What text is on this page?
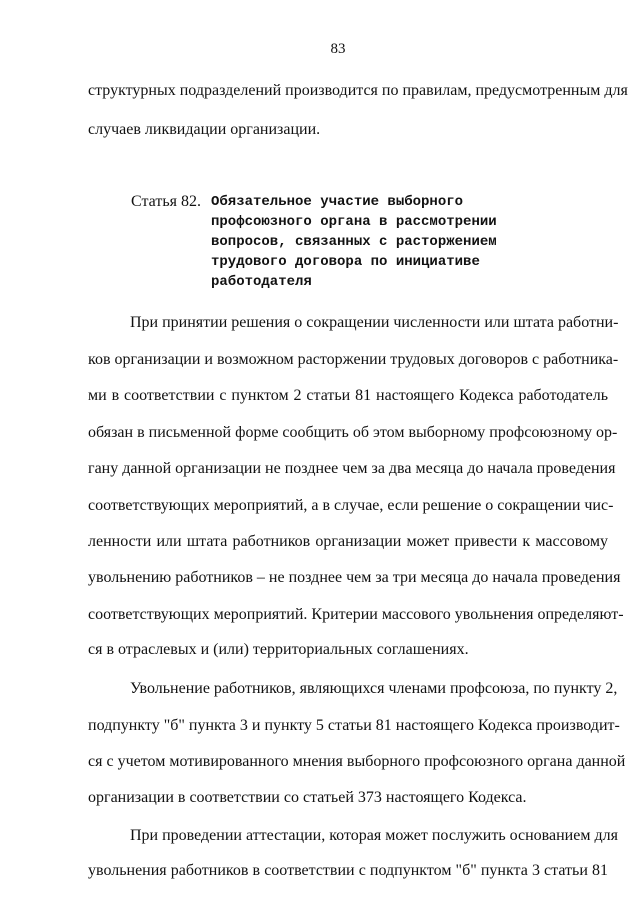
83
структурных подразделений производится по правилам, предусмотренным для
случаев ликвидации организации.
Статья 82. Обязательное участие выборного
профсоюзного органа в рассмотрении
вопросов, связанных с расторжением
трудового договора по инициативе
работодателя
При принятии решения о сокращении численности или штата работни-
ков организации и возможном расторжении трудовых договоров с работника-
ми в соответствии с пунктом 2 статьи 81 настоящего Кодекса работодатель
обязан в письменной форме сообщить об этом выборному профсоюзному ор-
гану данной организации не позднее чем за два месяца до начала проведения
соответствующих мероприятий, а в случае, если решение о сокращении чис-
ленности или штата работников организации может привести к массовому
увольнению работников – не позднее чем за три месяца до начала проведения
соответствующих мероприятий. Критерии массового увольнения определяют-
ся в отраслевых и (или) территориальных соглашениях.
Увольнение работников, являющихся членами профсоюза, по пункту 2,
подпункту "б" пункта 3 и пункту 5 статьи 81 настоящего Кодекса производит-
ся с учетом мотивированного мнения выборного профсоюзного органа данной
организации в соответствии со статьей 373 настоящего Кодекса.
При проведении аттестации, которая может послужить основанием для
увольнения работников в соответствии с подпунктом "б" пункта 3 статьи 81
